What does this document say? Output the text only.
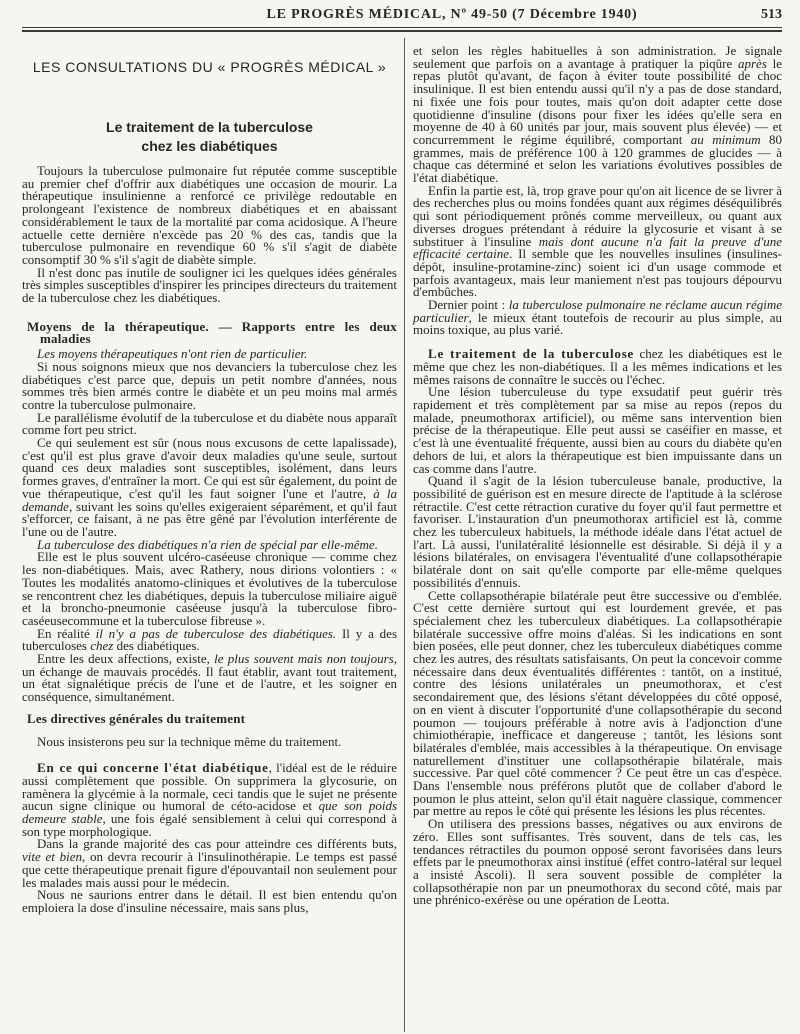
LE PROGRÈS MÉDICAL, Nº 49-50 (7 Décembre 1940)	513
LES CONSULTATIONS DU « PROGRÈS MÉDICAL »
Le traitement de la tuberculose
chez les diabétiques

Toujours la tuberculose pulmonaire fut réputée comme susceptible au premier chef d'offrir aux diabétiques une occasion de mourir. La thérapeutique insulinienne a renforcé ce privilège redoutable en prolongeant l'existence de nombreux diabétiques et en abaissant considérablement le taux de la mortalité par coma acidosique. A l'heure actuelle cette dernière n'excède pas 20 % des cas, tandis que la tuberculose pulmonaire en revendique 60 % s'il s'agit de diabète consomptif 30 % s'il s'agit de diabète simple.

Il n'est donc pas inutile de souligner ici les quelques idées générales très simples susceptibles d'inspirer les principes directeurs du traitement de la tuberculose chez les diabétiques.

Moyens de la thérapeutique. — Rapports entre les deux maladies

Les moyens thérapeutiques n'ont rien de particulier.

Si nous soignons mieux que nos devanciers la tuberculose chez les diabétiques c'est parce que, depuis un petit nombre d'années, nous sommes très bien armés contre le diabète et un peu moins mal armés contre la tuberculose pulmonaire.

Le parallélisme évolutif de la tuberculose et du diabète nous apparaît comme fort peu strict.

Ce qui seulement est sûr (nous nous excusons de cette lapalissade), c'est qu'il est plus grave d'avoir deux maladies qu'une seule, surtout quand ces deux maladies sont susceptibles, isolément, dans leurs formes graves, d'entraîner la mort. Ce qui est sûr également, du point de vue thérapeutique, c'est qu'il les faut soigner l'une et l'autre, à la demande, suivant les soins qu'elles exigeraient séparément, et qu'il faut s'efforcer, ce faisant, à ne pas être gêné par l'évolution interférente de l'une ou de l'autre.

La tuberculose des diabétiques n'a rien de spécial par elle-même.

Elle est le plus souvent ulcéro-caséeuse chronique — comme chez les non-diabétiques. Mais, avec Rathery, nous dirions volontiers : « Toutes les modalités anatomo-cliniques et évolutives de la tuberculose se rencontrent chez les diabétiques, depuis la tuberculose miliaire aiguë et la broncho-pneumonie caséeuse jusqu'à la tuberculose fibro-caséeusecommune et la tuberculose fibreuse ».

En réalité il n'y a pas de tuberculose des diabétiques. Il y a des tuberculoses chez des diabétiques.

Entre les deux affections, existe, le plus souvent mais non toujours, un échange de mauvais procédés. Il faut établir, avant tout traitement, un état signalétique précis de l'une et de l'autre, et les soigner en conséquence, simultanément.

Les directives générales du traitement

Nous insisterons peu sur la technique même du traitement.

En ce qui concerne l'état diabétique, l'idéal est de le réduire aussi complètement que possible. On supprimera la glycosurie, on ramènera la glycémie à la normale, ceci tandis que le sujet ne présente aucun signe clinique ou humoral de céto-acidose et que son poids demeure stable, une fois égalé sensiblement à celui qui correspond à son type morphologique.

Dans la grande majorité des cas pour atteindre ces différents buts, vite et bien, on devra recourir à l'insulinothérapie. Le temps est passé que cette thérapeutique prenait figure d'épouvantail non seulement pour les malades mais aussi pour le médecin.

Nous ne saurions entrer dans le détail. Il est bien entendu qu'on emploiera la dose d'insuline nécessaire, mais sans plus,

et selon les règles habituelles à son administration. Je signale seulement que parfois on a avantage à pratiquer la piqûre après le repas plutôt qu'avant, de façon à éviter toute possibilité de choc insulinique. Il est bien entendu aussi qu'il n'y a pas de dose standard, ni fixée une fois pour toutes, mais qu'on doit adapter cette dose quotidienne d'insuline (disons pour fixer les idées qu'elle sera en moyenne de 40 à 60 unités par jour, mais souvent plus élevée) — et concurremment le régime équilibré, comportant au minimum 80 grammes, mais de préférence 100 à 120 grammes de glucides — à chaque cas déterminé et selon les variations évolutives possibles de l'état diabétique.

Enfin la partie est, là, trop grave pour qu'on ait licence de se livrer à des recherches plus ou moins fondées quant aux régimes déséquilibrés qui sont périodiquement prônés comme merveilleux, ou quant aux diverses drogues prétendant à réduire la glycosurie et visant à se substituer à l'insuline mais dont aucune n'a fait la preuve d'une efficacité certaine. Il semble que les nouvelles insulines (insulines-dépôt, insuline-protamine-zinc) soient ici d'un usage commode et parfois avantageux, mais leur maniement n'est pas toujours dépourvu d'embûches.

Dernier point : la tuberculose pulmonaire ne réclame aucun régime particulier, le mieux étant toutefois de recourir au plus simple, au moins toxique, au plus varié.

Le traitement de la tuberculose chez les diabétiques est le même que chez les non-diabétiques. Il a les mêmes indications et les mêmes raisons de connaître le succès ou l'échec.

Une lésion tuberculeuse du type exsudatif peut guérir très rapidement et très complètement par sa mise au repos (repos du malade, pneumothorax artificiel), ou même sans intervention bien précise de la thérapeutique. Elle peut aussi se caséifier en masse, et c'est là une éventualité fréquente, aussi bien au cours du diabète qu'en dehors de lui, et alors la thérapeutique est bien impuissante dans un cas comme dans l'autre.

Quand il s'agit de la lésion tuberculeuse banale, productive, la possibilité de guérison est en mesure directe de l'aptitude à la sclérose rétractile. C'est cette rétraction curative du foyer qu'il faut permettre et favoriser. L'instauration d'un pneumothorax artificiel est là, comme chez les tuberculeux habituels, la méthode idéale dans l'état actuel de l'art. Là aussi, l'unilatéralité lésionnelle est désirable. Si déjà il y a lésions bilatérales, on envisagera l'éventualité d'une collapsothérapie bilatérale dont on sait qu'elle comporte par elle-même quelques possibilités d'ennuis.

Cette collapsothérapie bilatérale peut être successive ou d'emblée. C'est cette dernière surtout qui est lourdement grevée, et pas spécialement chez les tuberculeux diabétiques. La collapsothérapie bilatérale successive offre moins d'aléas. Si les indications en sont bien posées, elle peut donner, chez les tuberculeux diabétiques comme chez les autres, des résultats satisfaisants. On peut la concevoir comme nécessaire dans deux éventualités différentes : tantôt, on a institué, contre des lésions unilatérales un pneumothorax, et c'est secondairement que, des lésions s'étant développées du côté opposé, on en vient à discuter l'opportunité d'une collapsothérapie du second poumon — toujours préférable à notre avis à l'adjonction d'une chimiothérapie, inefficace et dangereuse ; tantôt, les lésions sont bilatérales d'emblée, mais accessibles à la thérapeutique. On envisage naturellement d'instituer une collapsothérapie bilatérale, mais successive. Par quel côté commencer ? Ce peut être un cas d'espèce. Dans l'ensemble nous préférons plutôt que de collaber d'abord le poumon le plus atteint, selon qu'il était naguère classique, commencer par mettre au repos le côté qui présente les lésions les plus récentes.

On utilisera des pressions basses, négatives ou aux environs de zéro. Elles sont suffisantes. Très souvent, dans de tels cas, les tendances rétractiles du poumon opposé seront favorisées dans leurs effets par le pneumothorax ainsi institué (effet contro-latéral sur lequel a insisté Ascoli). Il sera souvent possible de compléter la collapsothérapie non par un pneumothorax du second côté, mais par une phrénico-exérèse ou une opération de Leotta.
